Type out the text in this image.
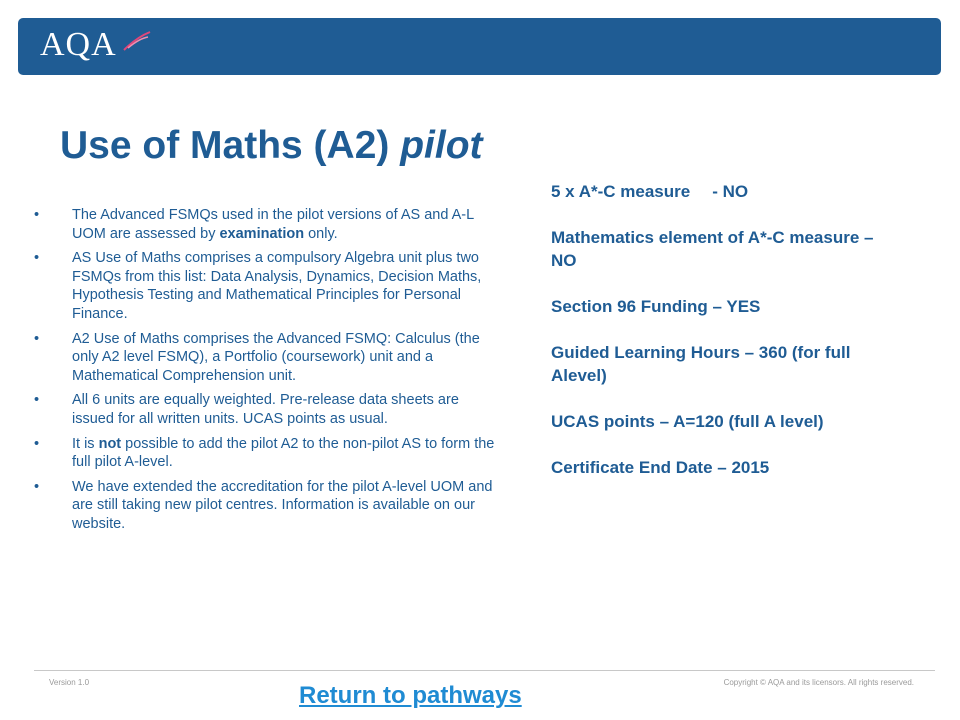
AQA
Use of Maths (A2) pilot
• The Advanced FSMQs used in the pilot versions of AS and A-L UOM are assessed by examination only.
• AS Use of Maths comprises a compulsory Algebra unit plus two FSMQs from this list: Data Analysis, Dynamics, Decision Maths, Hypothesis Testing and Mathematical Principles for Personal Finance.
• A2 Use of Maths comprises the Advanced FSMQ: Calculus (the only A2 level FSMQ), a Portfolio (coursework) unit and a Mathematical Comprehension unit.
• All 6 units are equally weighted. Pre-release data sheets are issued for all written units. UCAS points as usual.
• It is not possible to add the pilot A2 to the non-pilot AS to form the full pilot A-level.
• We have extended the accreditation for the pilot A-level UOM and are still taking new pilot centres. Information is available on our website.

5 x A*-C measure - NO

Mathematics element of A*-C measure – NO

Section 96 Funding – YES

Guided Learning Hours – 360 (for full Alevel)

UCAS points – A=120 (full A level)

Certificate End Date – 2015

Version 1.0	Copyright © AQA and its licensors. All rights reserved.
Return to pathways
